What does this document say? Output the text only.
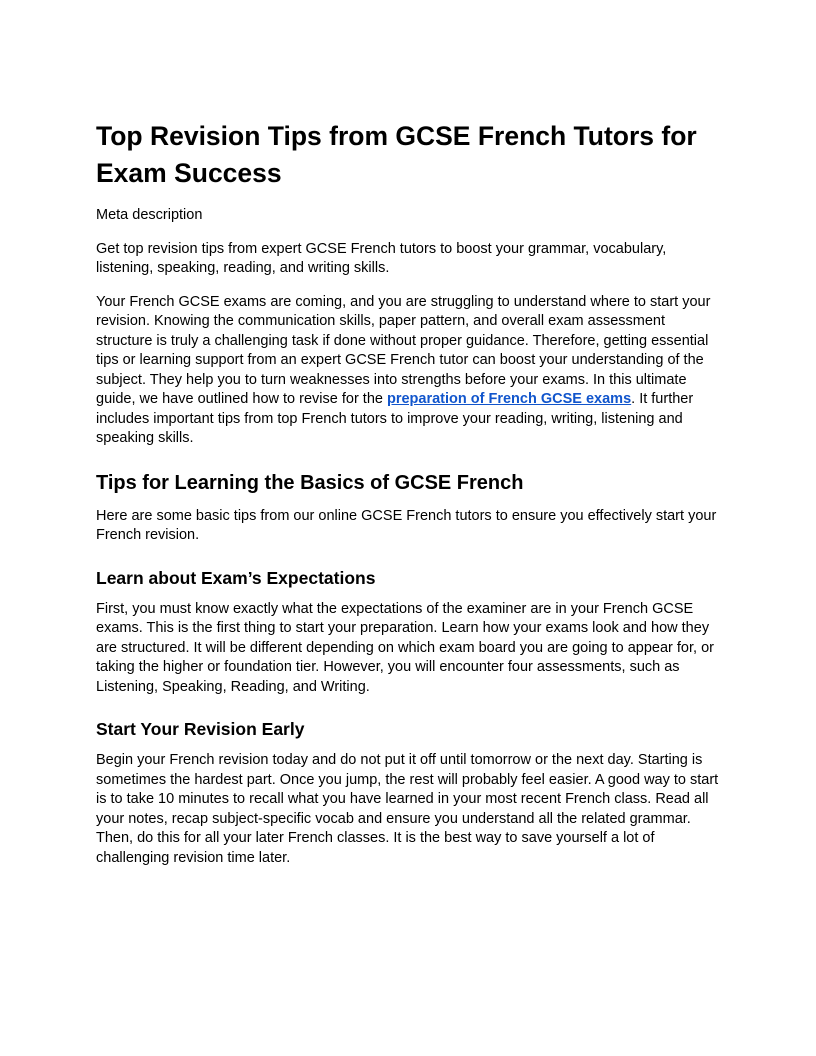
Top Revision Tips from GCSE French Tutors for Exam Success

Meta description

Get top revision tips from expert GCSE French tutors to boost your grammar, vocabulary, listening, speaking, reading, and writing skills.

Your French GCSE exams are coming, and you are struggling to understand where to start your revision. Knowing the communication skills, paper pattern, and overall exam assessment structure is truly a challenging task if done without proper guidance. Therefore, getting essential tips or learning support from an expert GCSE French tutor can boost your understanding of the subject. They help you to turn weaknesses into strengths before your exams. In this ultimate guide, we have outlined how to revise for the preparation of French GCSE exams. It further includes important tips from top French tutors to improve your reading, writing, listening and speaking skills.

Tips for Learning the Basics of GCSE French

Here are some basic tips from our online GCSE French tutors to ensure you effectively start your French revision.

Learn about Exam’s Expectations

First, you must know exactly what the expectations of the examiner are in your French GCSE exams. This is the first thing to start your preparation. Learn how your exams look and how they are structured. It will be different depending on which exam board you are going to appear for, or taking the higher or foundation tier. However, you will encounter four assessments, such as Listening, Speaking, Reading, and Writing.

Start Your Revision Early

Begin your French revision today and do not put it off until tomorrow or the next day. Starting is sometimes the hardest part. Once you jump, the rest will probably feel easier. A good way to start is to take 10 minutes to recall what you have learned in your most recent French class. Read all your notes, recap subject-specific vocab and ensure you understand all the related grammar. Then, do this for all your later French classes. It is the best way to save yourself a lot of challenging revision time later.
